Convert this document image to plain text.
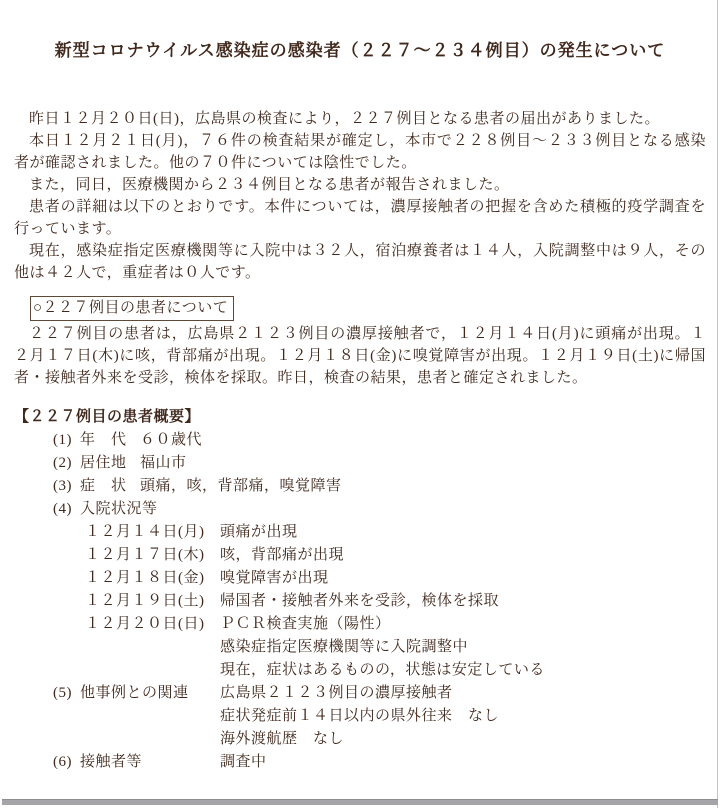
新型コロナウイルス感染症の感染者（２２７～２３４例目）の発生について

昨日１２月２０日(日)，広島県の検査により，２２７例目となる患者の届出がありました。

本日１２月２１日(月)，７６件の検査結果が確定し，本市で２２８例目～２３３例目となる感染者が確認されました。他の７０件については陰性でした。

また，同日，医療機関から２３４例目となる患者が報告されました。

患者の詳細は以下のとおりです。本件については，濃厚接触者の把握を含めた積極的疫学調査を行っています。

現在，感染症指定医療機関等に入院中は３２人，宿泊療養者は１４人，入院調整中は９人，その他は４２人で，重症者は０人です。

○２２７例目の患者について

２２７例目の患者は，広島県２１２３例目の濃厚接触者で，１２月１４日(月)に頭痛が出現。１２月１７日(木)に咳，背部痛が出現。１２月１８日(金)に嗅覚障害が出現。１２月１９日(土)に帰国者・接触者外来を受診，検体を採取。昨日，検査の結果，患者と確定されました。

【２２７例目の患者概要】
(1) 年　代 ６０歳代
(2) 居住地 福山市
(3) 症　状 頭痛，咳，背部痛，嗅覚障害
(4) 入院状況等
１２月１４日(月)	頭痛が出現
１２月１７日(木)	咳，背部痛が出現
１２月１８日(金)	嗅覚障害が出現
１２月１９日(土)	帰国者・接触者外来を受診，検体を採取
１２月２０日(日)	ＰＣＲ検査実施（陽性）
感染症指定医療機関等に入院調整中
現在，症状はあるものの，状態は安定している
(5) 他事例との関連	広島県２１２３例目の濃厚接触者
症状発症前１４日以内の県外往来　なし
海外渡航歴　なし
(6) 接触者等	調査中
